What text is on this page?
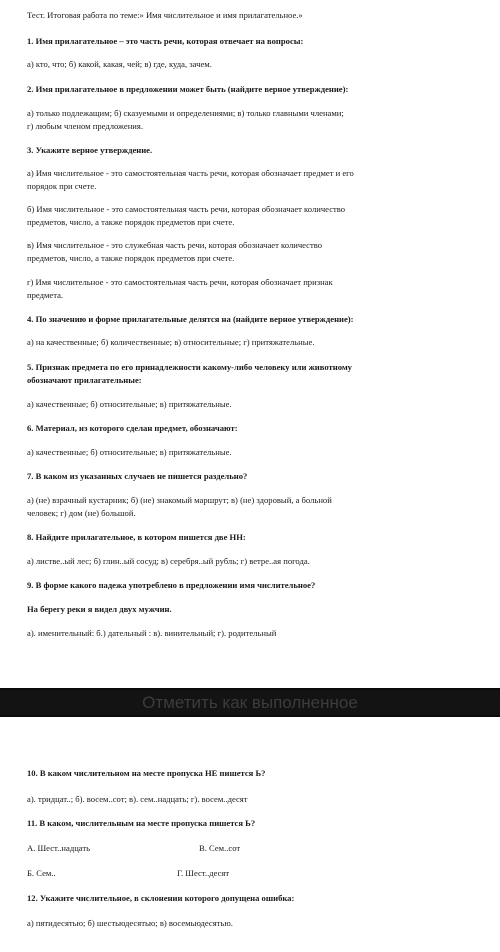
Тест. Итоговая работа по теме:» Имя числительное и имя прилагательное.»
1. Имя прилагательное – это часть речи, которая отвечает на вопросы:
а) кто, что; б) какой, какая, чей; в) где, куда, зачем.
2. Имя прилагательное в предложении может быть (найдите верное утверждение):
а) только подлежащим; б) сказуемыми и определениями; в) только главными членами;
г) любым членом предложения.
3. Укажите верное утверждение.
а) Имя числительное - это самостоятельная часть речи, которая обозначает предмет и его
порядок при счете.
б) Имя числительное - это самостоятельная часть речи, которая обозначает количество
предметов, число, а также порядок предметов при счете.
в) Имя числительное - это служебная часть речи, которая обозначает количество
предметов, число, а также порядок предметов при счете.
г) Имя числительное - это самостоятельная часть речи, которая обозначает признак
предмета.
4. По значению и форме прилагательные делятся на (найдите верное утверждение):
а) на качественные; б) количественные; в) относительные; г) притяжательные.
5. Признак предмета по его принадлежности какому-либо человеку или животному
обозначают прилагательные:
а) качественные; б) относительные; в) притяжательные.
6. Материал, из которого сделан предмет, обозначают:
а) качественные; б) относительные; в) притяжательные.
7. В каком из указанных случаев не пишется раздельно?
а) (не) взрачный кустарник; б) (не) знакомый маршрут; в) (не) здоровый, а больной
человек; г) дом (не) большой.
8. Найдите прилагательное, в котором пишется две НН:
а) листве..ый лес; б) глин..ый сосуд; в) серебря..ый рубль; г) ветре..ая погода.
9. В форме какого падежа употреблено в предложении имя числительное?
На берегу реки я видел двух мужчин.
а). именительный: б.) дательный : в). винительный; г). родительный
Отметить как выполненное
10. В каком числительном на месте пропуска НЕ пишется Ь?
а). тридцат..; б). восем..сот; в). сем..надцать; г). восем..десят
11. В каком, числительным на месте пропуска пишется Ь?
А. Шест..надцать	В. Сем..сот
Б. Сем..	Г. Шест..десят
12. Укажите числительное, в склонении которого допущена ошибка:
а) пятидесятью; б) шестьюдесятью; в) восемьюдесятью.
